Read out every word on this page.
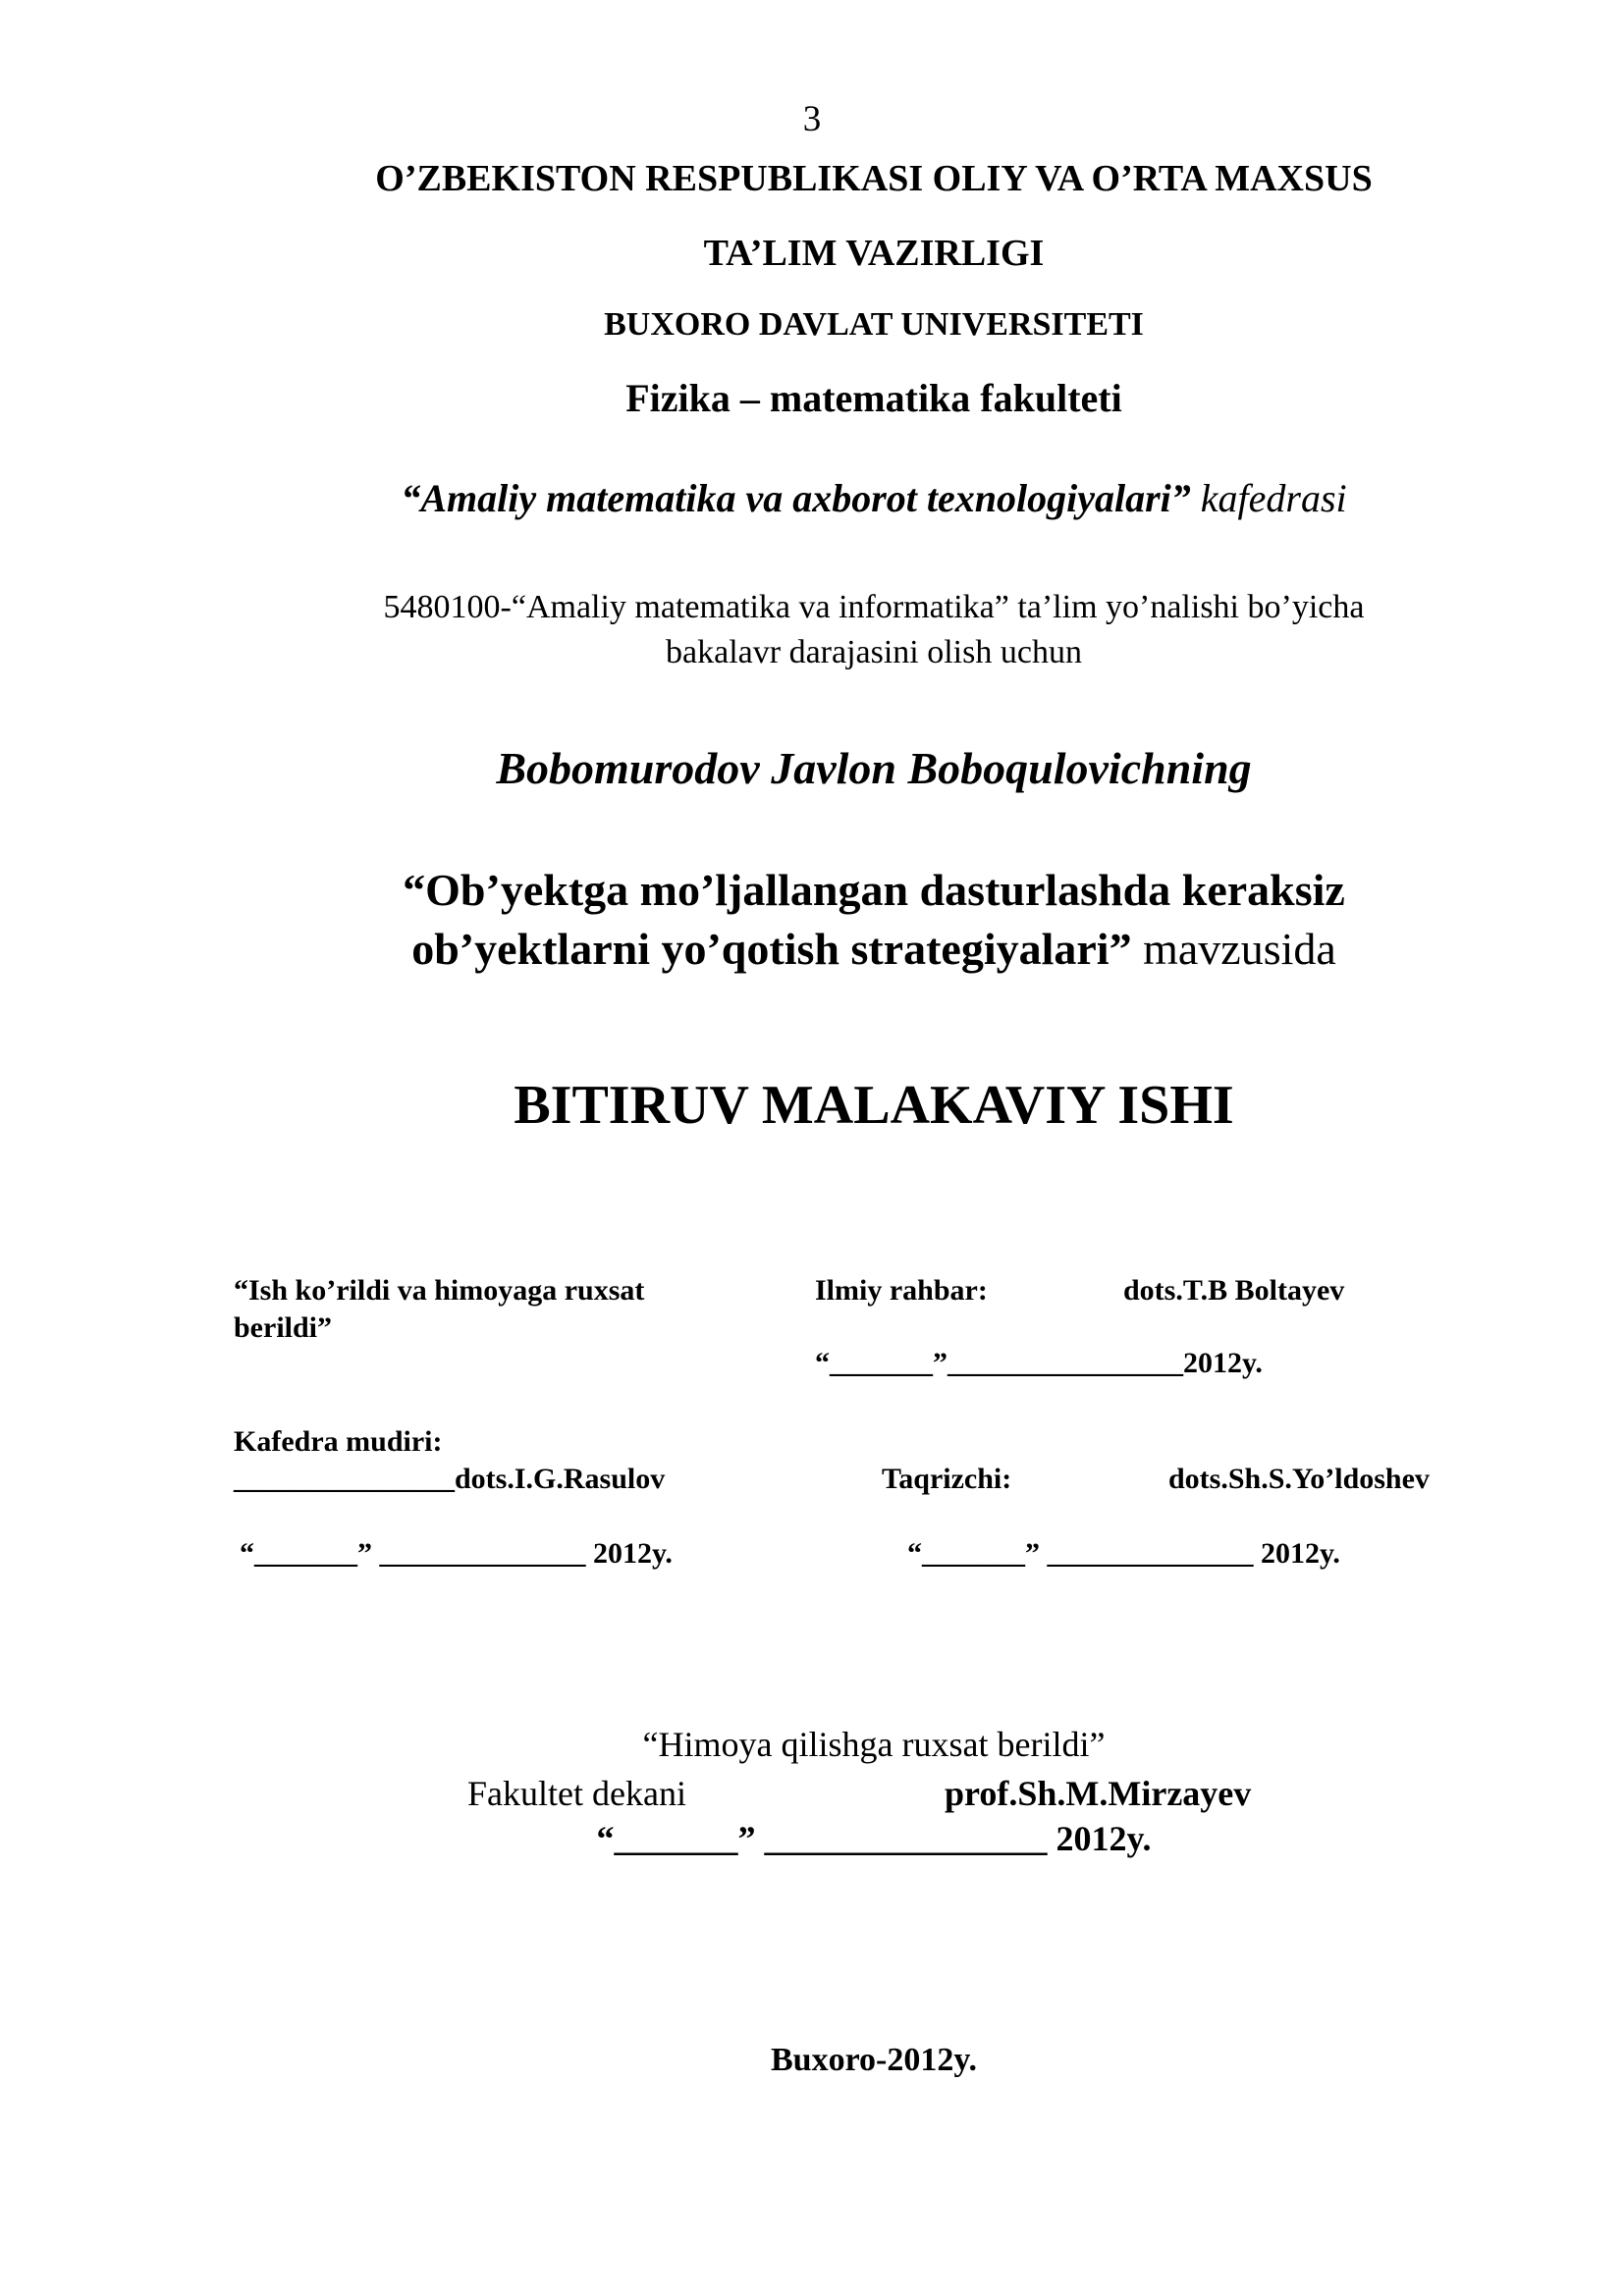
3
O’ZBEKISTON RESPUBLIKASI OLIY VA O’RTA MAXSUS
TA’LIM VAZIRLIGI
BUXORO DAVLAT UNIVERSITETI
Fizika – matematika fakulteti
“Amaliy matematika va axborot texnologiyalari” kafedrasi
5480100-“Amaliy matematika va informatika” ta’lim yo’nalishi bo’yicha
bakalavr darajasini olish uchun
Bobomurodov Javlon Boboqulovichning
“Ob’yektga mo’ljallangan dasturlashda keraksiz
ob’yektlarni yo’qotish strategiyalari” mavzusida
BITIRUV MALAKAVIY ISHI
“Ish ko’rildi va himoyaga ruxsat
berildi”
Ilmiy rahbar:	dots.T.B Boltayev
“_______”________________2012y.
Kafedra mudiri:
_______________dots.I.G.Rasulov	Taqrizchi:	dots.Sh.S.Yo’ldoshev
“_______” ______________ 2012y.	“_______” ______________ 2012y.
“Himoya qilishga ruxsat berildi”
Fakultet dekani	prof.Sh.M.Mirzayev
“_______” ________________ 2012y.
Buxoro-2012y.
